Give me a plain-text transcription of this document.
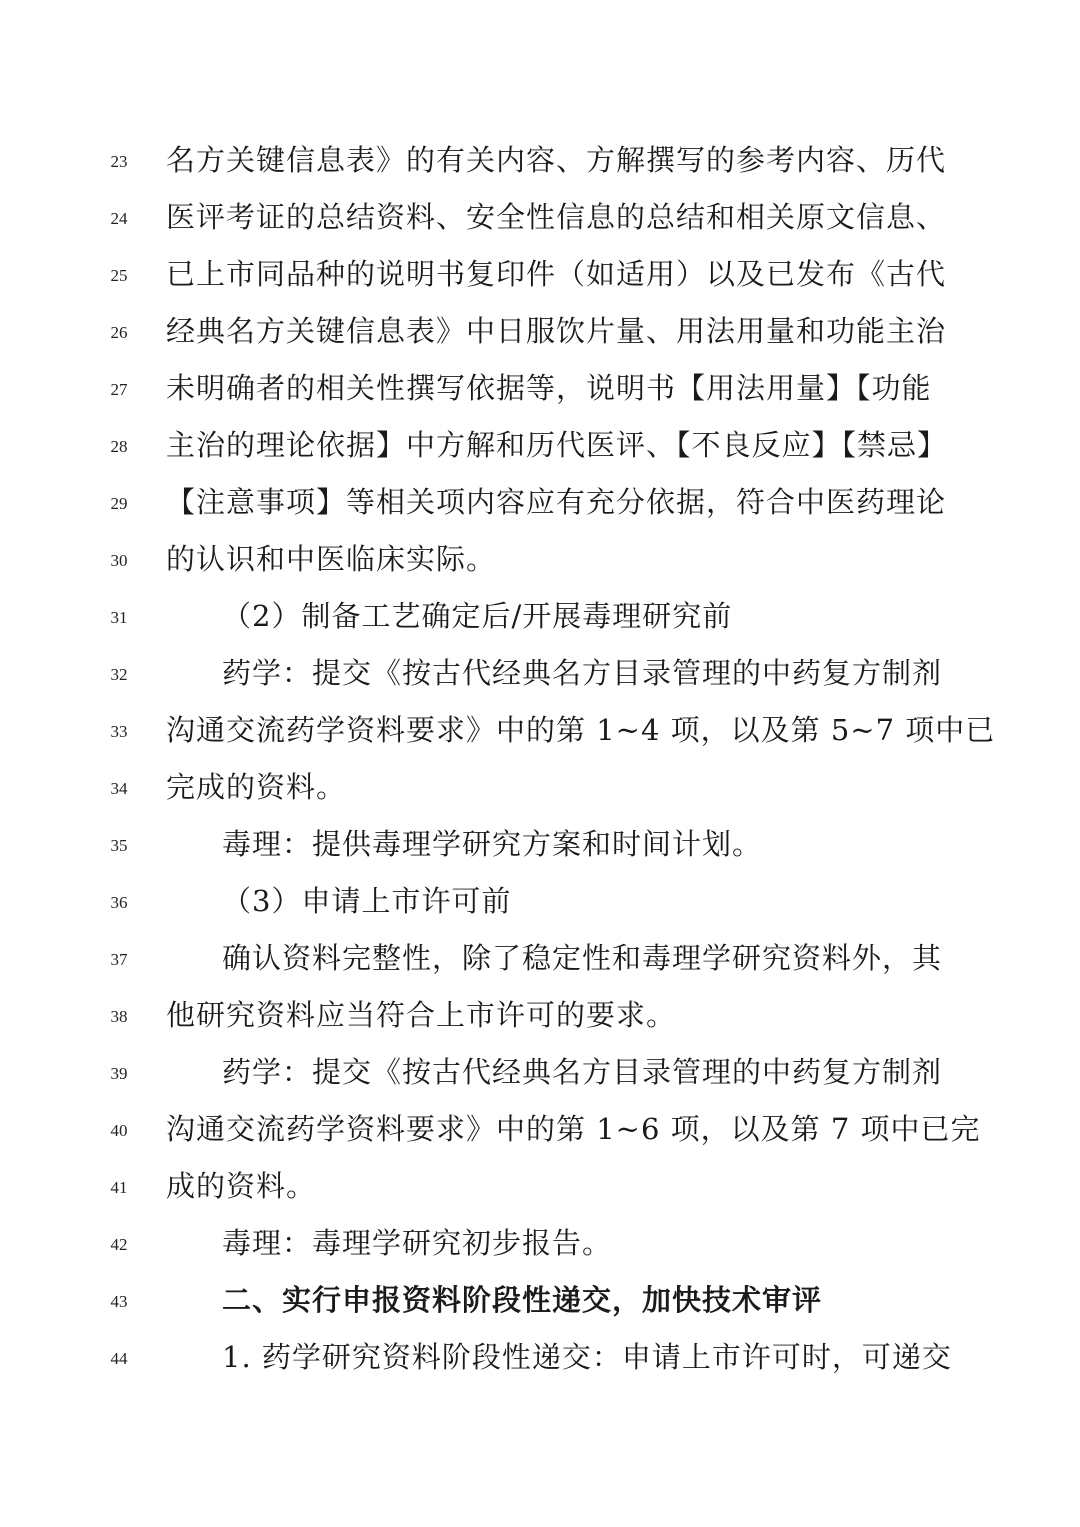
23	名方关键信息表》的有关内容、方解撰写的参考内容、历代
24	医评考证的总结资料、安全性信息的总结和相关原文信息、
25	已上市同品种的说明书复印件（如适用）以及已发布《古代
26	经典名方关键信息表》中日服饮片量、用法用量和功能主治
27	未明确者的相关性撰写依据等，说明书【用法用量】【功能
28	主治的理论依据】中方解和历代医评、【不良反应】【禁忌】
29	【注意事项】等相关项内容应有充分依据，符合中医药理论
30	的认识和中医临床实际。
31	（2）制备工艺确定后/开展毒理研究前
32	药学：提交《按古代经典名方目录管理的中药复方制剂
33	沟通交流药学资料要求》中的第 1~4 项，以及第 5~7 项中已
34	完成的资料。
35	毒理：提供毒理学研究方案和时间计划。
36	（3）申请上市许可前
37	确认资料完整性，除了稳定性和毒理学研究资料外，其
38	他研究资料应当符合上市许可的要求。
39	药学：提交《按古代经典名方目录管理的中药复方制剂
40	沟通交流药学资料要求》中的第 1~6 项，以及第 7 项中已完
41	成的资料。
42	毒理：毒理学研究初步报告。
43	二、实行申报资料阶段性递交，加快技术审评
44	1. 药学研究资料阶段性递交：申请上市许可时，可递交
